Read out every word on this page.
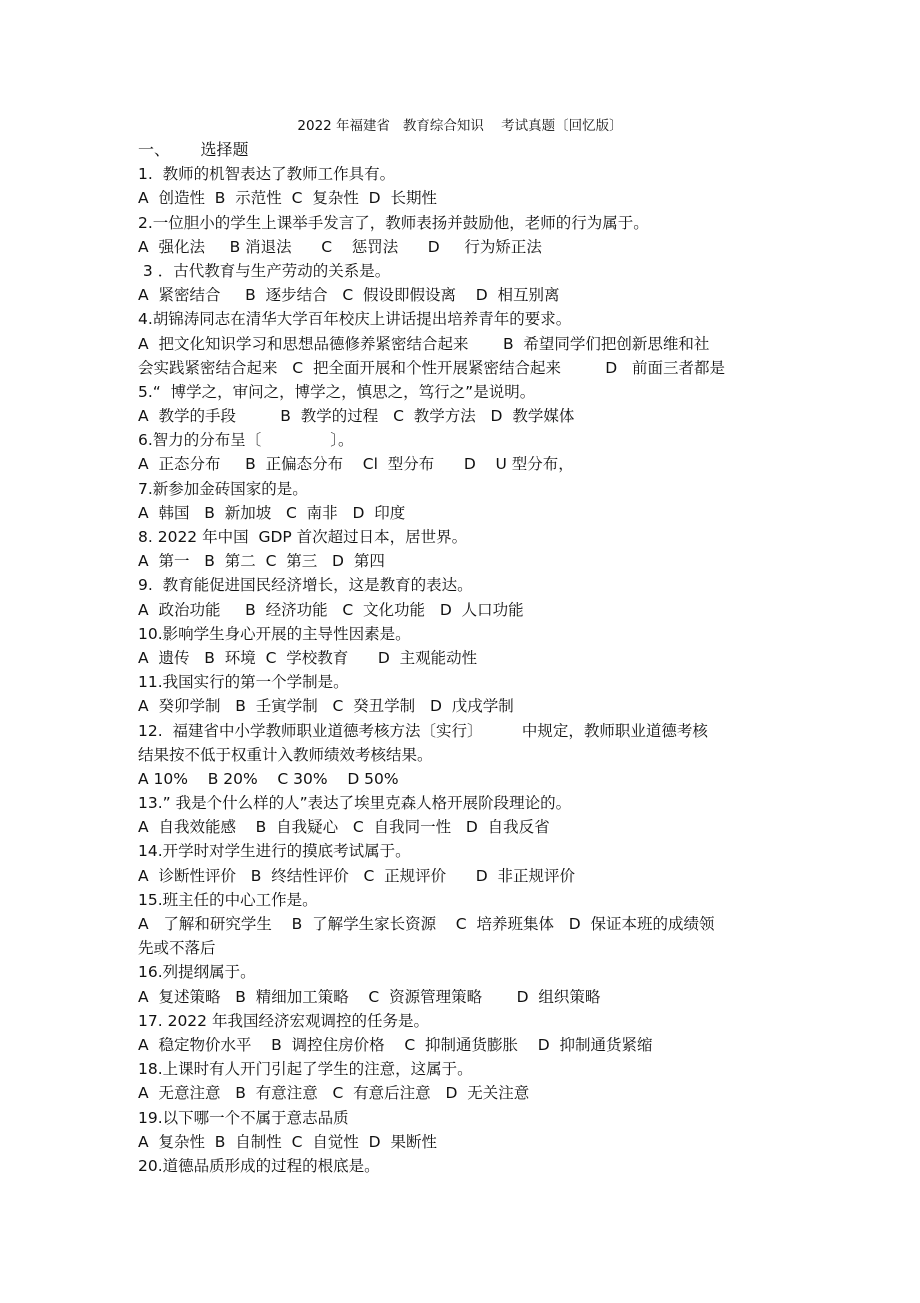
2022 年福建省   教育综合知识    考试真题〔回忆版〕
一、      选择题
1.  教师的机智表达了教师工作具有。
A  创造性  B  示范性  C  复杂性  D  长期性
2.一位胆小的学生上课举手发言了，教师表扬并鼓励他，老师的行为属于。
A  强化法     B 消退法      C    惩罚法      D     行为矫正法
3 ．古代教育与生产劳动的关系是。
A  紧密结合     B  逐步结合   C  假设即假设离    D  相互别离
4.胡锦涛同志在清华大学百年校庆上讲话提出培养青年的要求。
A  把文化知识学习和思想品德修养紧密结合起来       B  希望同学们把创新思维和社
会实践紧密结合起来   C  把全面开展和个性开展紧密结合起来         D   前面三者都是
5.“  博学之，审问之，博学之，慎思之，笃行之”是说明。
A  教学的手段         B  教学的过程   C  教学方法   D  教学媒体
6.智力的分布呈〔              〕。
A  正态分布     B  正偏态分布    Cl  型分布      D    U 型分布，
7.新参加金砖国家的是。
A  韩国   B  新加坡   C  南非   D  印度
8. 2022 年中国  GDP 首次超过日本，居世界。
A  第一   B  第二  C  第三   D  第四
9.  教育能促进国民经济增长，这是教育的表达。
A  政治功能     B  经济功能   C  文化功能   D  人口功能
10.影响学生身心开展的主导性因素是。
A  遗传   B  环境  C  学校教育      D  主观能动性
11.我国实行的第一个学制是。
A  癸卯学制   B  壬寅学制   C  癸丑学制   D  戊戌学制
12.  福建省中小学教师职业道德考核方法〔实行〕        中规定，教师职业道德考核
结果按不低于权重计入教师绩效考核结果。
A 10%    B 20%    C 30%    D 50%
13.” 我是个什么样的人”表达了埃里克森人格开展阶段理论的。
A  自我效能感    B  自我疑心   C  自我同一性   D  自我反省
14.开学时对学生进行的摸底考试属于。
A  诊断性评价   B  终结性评价   C  正规评价      D  非正规评价
15.班主任的中心工作是。
A   了解和研究学生    B  了解学生家长资源    C  培养班集体   D  保证本班的成绩领
先或不落后
16.列提纲属于。
A  复述策略   B  精细加工策略    C  资源管理策略       D  组织策略
17. 2022 年我国经济宏观调控的任务是。
A  稳定物价水平    B  调控住房价格    C  抑制通货膨胀    D  抑制通货紧缩
18.上课时有人开门引起了学生的注意，这属于。
A  无意注意   B  有意注意   C  有意后注意   D  无关注意
19.以下哪一个不属于意志品质
A  复杂性  B  自制性  C  自觉性  D  果断性
20.道德品质形成的过程的根底是。
